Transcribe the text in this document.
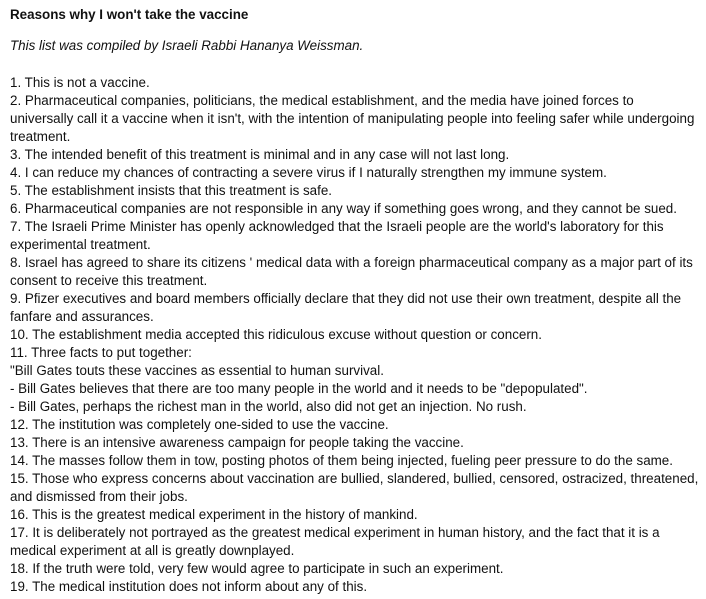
Reasons why I won't take the vaccine

This list was compiled by Israeli Rabbi Hananya Weissman.

1. This is not a vaccine.
2. Pharmaceutical companies, politicians, the medical establishment, and the media have joined forces to universally call it a vaccine when it isn't, with the intention of manipulating people into feeling safer while undergoing treatment.
3. The intended benefit of this treatment is minimal and in any case will not last long.
4. I can reduce my chances of contracting a severe virus if I naturally strengthen my immune system.
5. The establishment insists that this treatment is safe.
6. Pharmaceutical companies are not responsible in any way if something goes wrong, and they cannot be sued.
7. The Israeli Prime Minister has openly acknowledged that the Israeli people are the world's laboratory for this experimental treatment.
8. Israel has agreed to share its citizens ' medical data with a foreign pharmaceutical company as a major part of its consent to receive this treatment.
9. Pfizer executives and board members officially declare that they did not use their own treatment, despite all the fanfare and assurances.
10. The establishment media accepted this ridiculous excuse without question or concern.
11. Three facts to put together:
"Bill Gates touts these vaccines as essential to human survival.
- Bill Gates believes that there are too many people in the world and it needs to be "depopulated".
- Bill Gates, perhaps the richest man in the world, also did not get an injection. No rush.
12. The institution was completely one-sided to use the vaccine.
13. There is an intensive awareness campaign for people taking the vaccine.
14. The masses follow them in tow, posting photos of them being injected, fueling peer pressure to do the same.
15. Those who express concerns about vaccination are bullied, slandered, bullied, censored, ostracized, threatened, and dismissed from their jobs.
16. This is the greatest medical experiment in the history of mankind.
17. It is deliberately not portrayed as the greatest medical experiment in human history, and the fact that it is a medical experiment at all is greatly downplayed.
18. If the truth were told, very few would agree to participate in such an experiment.
19. The medical institution does not inform about any of this.
